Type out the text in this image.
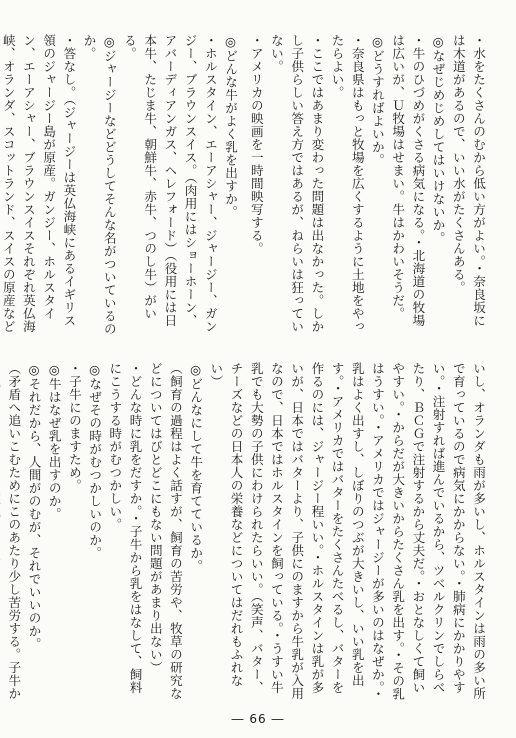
・水をたくさんのむから低い方がよい。・奈良坂には木道があるので、いい水がたくさんある。
◎なぜじめじめしてはいけないか。
・牛のひづめがくさる病気になる。・北海道の牧場は広いが、Ｕ牧場はせまい。牛はかわいそうだ。
◎どうすればよいか。
・奈良県はもっと牧場を広くするように土地をやったらよい。
・ここではあまり変わった問題は出なかった。しかし子供らしい答え方ではあるが、ねらいは狂っていない。
・アメリカの映画を一時間映写する。
◎どんな牛がよく乳を出すか。
・ホルスタイン、エーアシャー、ジャージー、ガンジー、ブラウンスイス。（肉用にはショーホーン、アバーディアンガス、ヘレフォード）（役用には日本牛、たじま牛、朝鮮牛、赤牛、つのし牛）がいる。
◎ジャージーなどどうしてそんな名がついているのか。
・答なし。（ジャージーは英仏海峡にあるイギリス領のジャージー島が原産。ガンジー、ホルスタイン、エーアシャー、ブラウンスイスそれぞれ英仏海峡、オランダ、スコットランド、スイスの原産など
いし、オランダも雨が多いし、ホルスタインは雨の多い所で育っているので病気にかからない。・肺病にかかりやすい。・注射すれば進んでいるから、ツベルクリンでしらべたり、ＢＣＧで注射するから丈夫だ。・おとなしくて飼いやすい。・からだが大きいからたくさん乳を出す。・その乳はうすい。・アメリカではジャージーが多いのはなぜか。・乳はよく出すし、しぼりのつぶが大きいし、いい乳を出す。・アメリカではバターをたくさんたべるし、バターを作るのには、ジャージー程いい。・ホルスタインは乳が多いが、日本ではバターより、子供にのますから牛乳が入用なので、日本ではホルスタインを飼っている。・うすい牛乳でも大勢の子供にわけられたらいい。（笑声、バター、チーズなどの日本人の栄養などについてはだれもふれない）
◎どんなにして牛を育てているか。
（飼育の過程はよく話すが、飼育の苦労や、牧草の研究などについてはびとどこにもない問題があまり出ない）
・どんな時に乳をだすか。・子牛から乳をはなして、飼料にこうする時がむつかしい。
◎なぜその時がむつかしいのか。
・子牛にのますため。
◎牛はなぜ乳を出すのか。
◎それだから、人間がのむが、それでいいのか。
（矛盾へ追いこむためにこのあたり少し苦労する。子牛か
― 66 ―
